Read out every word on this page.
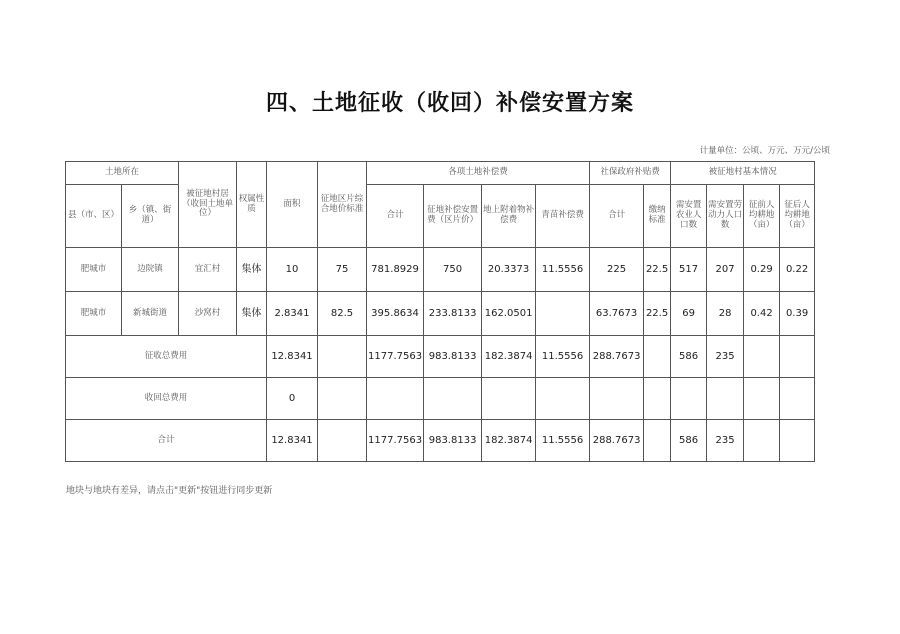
四、土地征收（收回）补偿安置方案
计量单位：公顷、万元、万元/公顷
土地所在		被征地村居（收回土地单位）	权属性质	面积	征地区片综合地价标准	各项土地补偿费				社保政府补贴费		被征地村基本情况			
县（市、区）	乡（镇、街道）					合计	征地补偿安置费（区片价）	地上附着物补偿费	青苗补偿费	合计	缴纳标准	需安置农业人口数	需安置劳动力人口数	征前人均耕地（亩）	征后人均耕地（亩）
肥城市	边院镇	宜汇村	集体	10	75	781.8929	750	20.3373	11.5556	225	22.5	517	207	0.29	0.22
肥城市	新城街道	沙窝村	集体	2.8341	82.5	395.8634	233.8133	162.0501		63.7673	22.5	69	28	0.42	0.39
征收总费用				12.8341		1177.7563	983.8133	182.3874	11.5556	288.7673		586	235		
收回总费用				0											
合计				12.8341		1177.7563	983.8133	182.3874	11.5556	288.7673		586	235		
地块与地块有差异，请点击"更新"按钮进行同步更新
